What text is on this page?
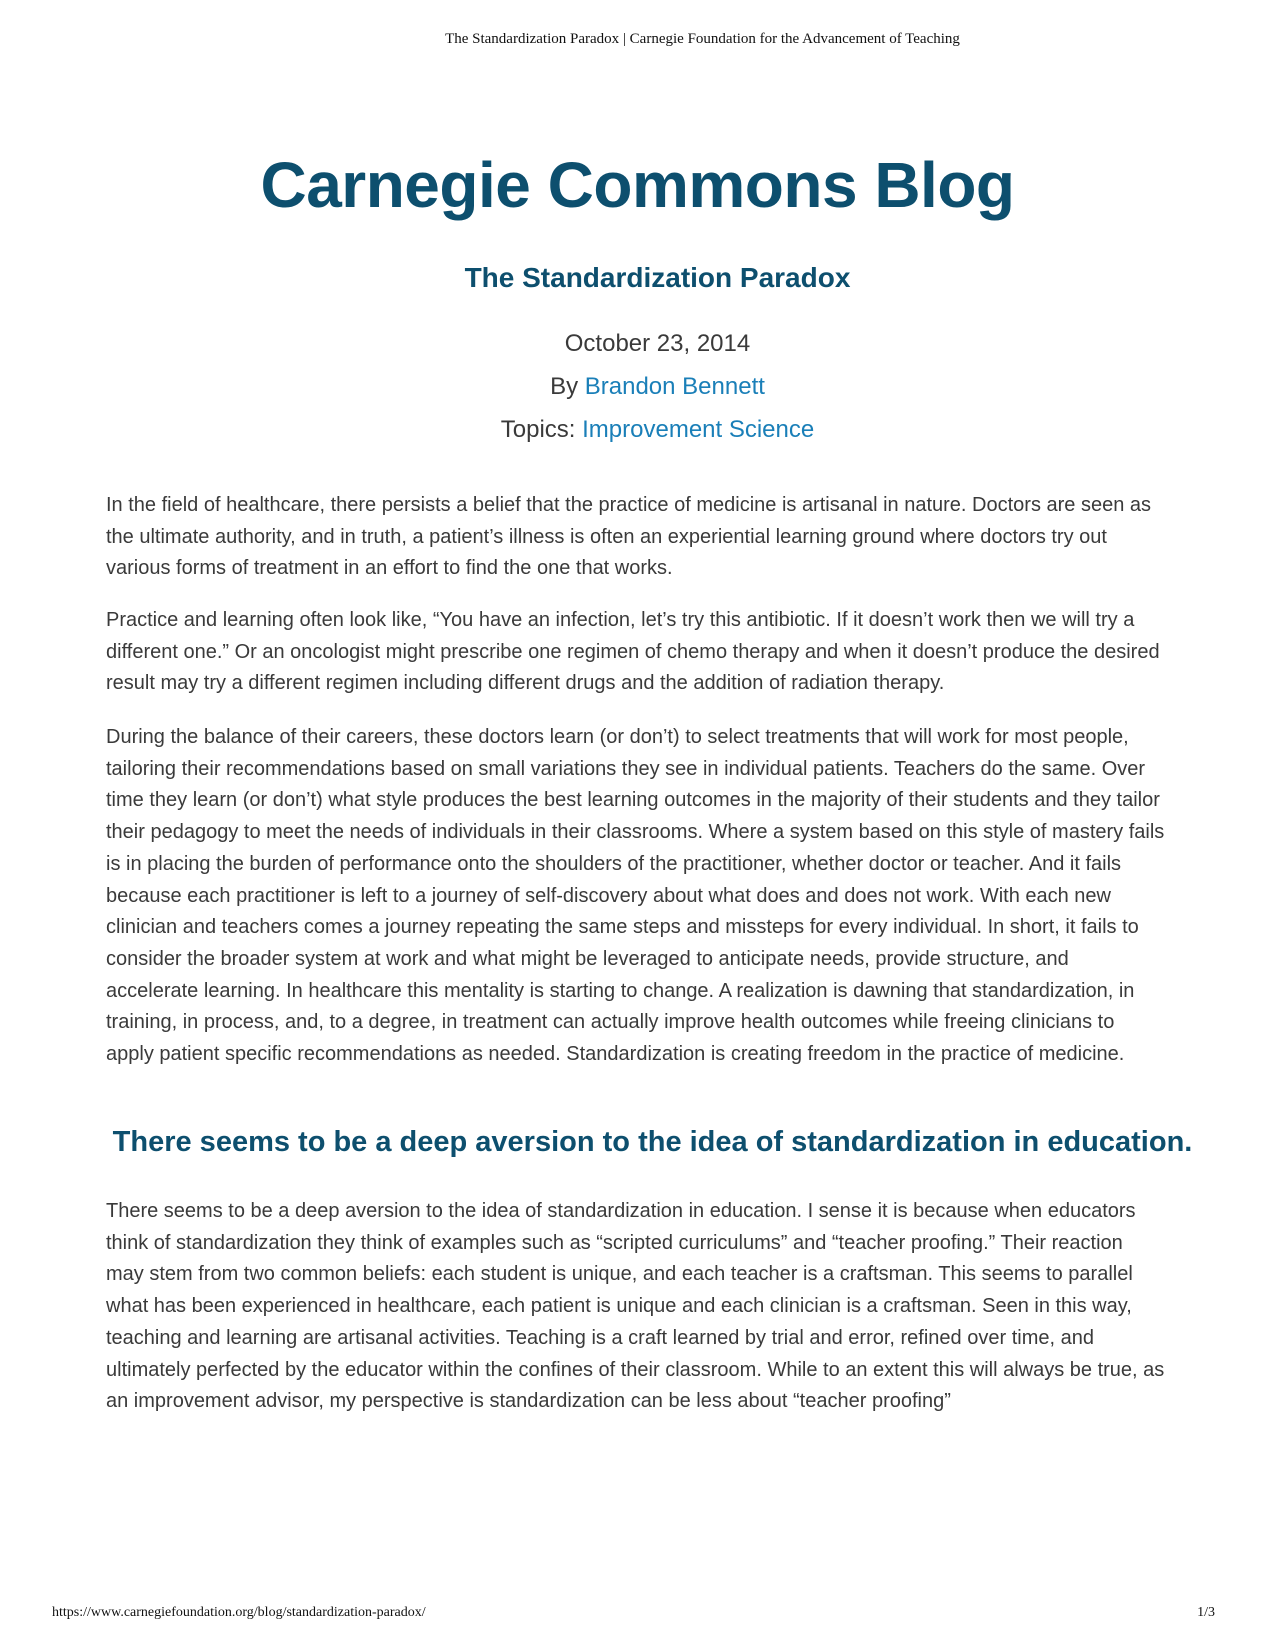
The Standardization Paradox | Carnegie Foundation for the Advancement of Teaching
Carnegie Commons Blog
The Standardization Paradox
October 23, 2014
By Brandon Bennett
Topics: Improvement Science

In the field of healthcare, there persists a belief that the practice of medicine is artisanal in nature. Doctors are seen as the ultimate authority, and in truth, a patient’s illness is often an experiential learning ground where doctors try out various forms of treatment in an effort to find the one that works.

Practice and learning often look like, “You have an infection, let’s try this antibiotic. If it doesn’t work then we will try a different one.” Or an oncologist might prescribe one regimen of chemo therapy and when it doesn’t produce the desired result may try a different regimen including different drugs and the addition of radiation therapy.

During the balance of their careers, these doctors learn (or don’t) to select treatments that will work for most people, tailoring their recommendations based on small variations they see in individual patients. Teachers do the same. Over time they learn (or don’t) what style produces the best learning outcomes in the majority of their students and they tailor their pedagogy to meet the needs of individuals in their classrooms. Where a system based on this style of mastery fails is in placing the burden of performance onto the shoulders of the practitioner, whether doctor or teacher. And it fails because each practitioner is left to a journey of self-discovery about what does and does not work. With each new clinician and teachers comes a journey repeating the same steps and missteps for every individual. In short, it fails to consider the broader system at work and what might be leveraged to anticipate needs, provide structure, and accelerate learning. In healthcare this mentality is starting to change. A realization is dawning that standardization, in training, in process, and, to a degree, in treatment can actually improve health outcomes while freeing clinicians to apply patient specific recommendations as needed. Standardization is creating freedom in the practice of medicine.

There seems to be a deep aversion to the idea of standardization in education.

There seems to be a deep aversion to the idea of standardization in education. I sense it is because when educators think of standardization they think of examples such as “scripted curriculums” and “teacher proofing.” Their reaction may stem from two common beliefs: each student is unique, and each teacher is a craftsman. This seems to parallel what has been experienced in healthcare, each patient is unique and each clinician is a craftsman. Seen in this way, teaching and learning are artisanal activities. Teaching is a craft learned by trial and error, refined over time, and ultimately perfected by the educator within the confines of their classroom. While to an extent this will always be true, as an improvement advisor, my perspective is standardization can be less about “teacher proofing”

https://www.carnegiefoundation.org/blog/standardization-paradox/	1/3
